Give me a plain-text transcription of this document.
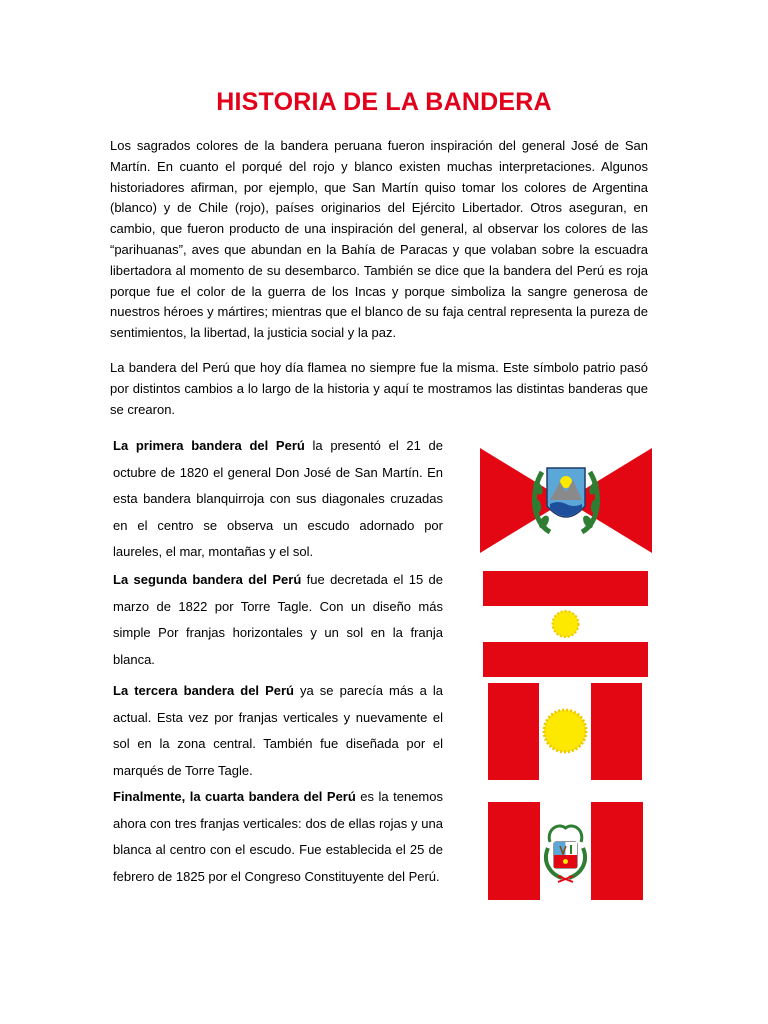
HISTORIA DE LA BANDERA

Los sagrados colores de la bandera peruana fueron inspiración del general José de San Martín. En cuanto el porqué del rojo y blanco existen muchas interpretaciones. Algunos historiadores afirman, por ejemplo, que San Martín quiso tomar los colores de Argentina (blanco) y de Chile (rojo), países originarios del Ejército Libertador. Otros aseguran, en cambio, que fueron producto de una inspiración del general, al observar los colores de las “parihuanas”, aves que abundan en la Bahía de Paracas y que volaban sobre la escuadra libertadora al momento de su desembarco. También se dice que la bandera del Perú es roja porque fue el color de la guerra de los Incas y porque simboliza la sangre generosa de nuestros héroes y mártires; mientras que el blanco de su faja central representa la pureza de sentimientos, la libertad, la justicia social y la paz.

La bandera del Perú que hoy día flamea no siempre fue la misma. Este símbolo patrio pasó por distintos cambios a lo largo de la historia y aquí te mostramos las distintas banderas que se crearon.

La primera bandera del Perú la presentó el 21 de octubre de 1820 el general Don José de San Martín. En esta bandera blanquirroja con sus diagonales cruzadas en el centro se observa un escudo adornado por laureles, el mar, montañas y el sol.

La segunda bandera del Perú fue decretada el 15 de marzo de 1822 por Torre Tagle. Con un diseño más simple Por franjas horizontales y un sol en la franja blanca.

La tercera bandera del Perú ya se parecía más a la actual. Esta vez por franjas verticales y nuevamente el sol en la zona central. También fue diseñada por el marqués de Torre Tagle.

Finalmente, la cuarta bandera del Perú es la tenemos ahora con tres franjas verticales: dos de ellas rojas y una blanca al centro con el escudo. Fue establecida el 25 de febrero de 1825 por el Congreso Constituyente del Perú.
